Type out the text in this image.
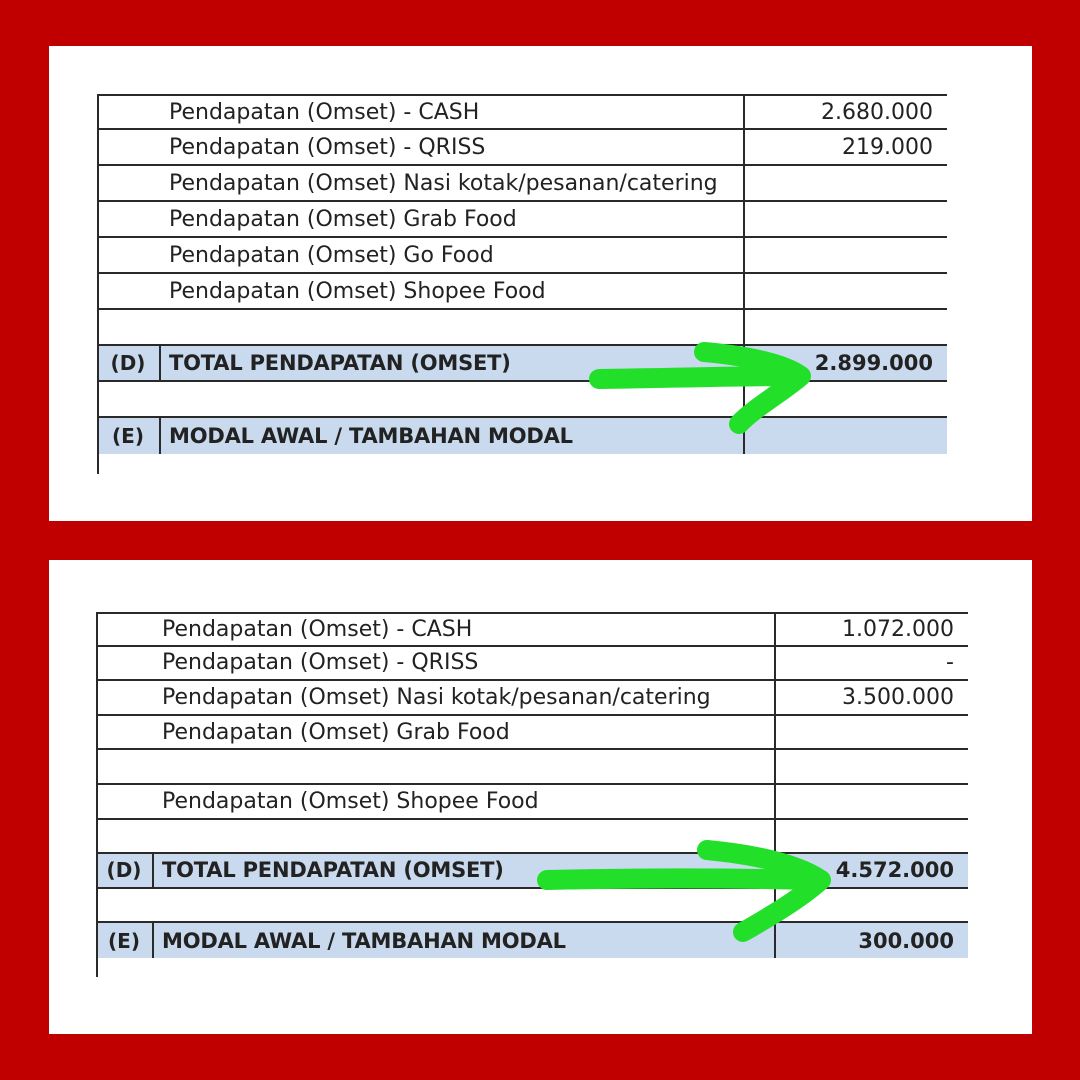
Pendapatan (Omset) - CASH	2.680.000
Pendapatan (Omset) - QRISS	219.000
Pendapatan (Omset) Nasi kotak/pesanan/catering
Pendapatan (Omset) Grab Food
Pendapatan (Omset) Go Food
Pendapatan (Omset) Shopee Food
(D)	TOTAL PENDAPATAN (OMSET)	2.899.000
(E)	MODAL AWAL / TAMBAHAN MODAL
Pendapatan (Omset) - CASH	1.072.000
Pendapatan (Omset) - QRISS	-
Pendapatan (Omset) Nasi kotak/pesanan/catering	3.500.000
Pendapatan (Omset) Grab Food
Pendapatan (Omset) Shopee Food
(D) TOTAL PENDAPATAN (OMSET)	4.572.000
(E)	MODAL AWAL / TAMBAHAN MODAL	300.000
